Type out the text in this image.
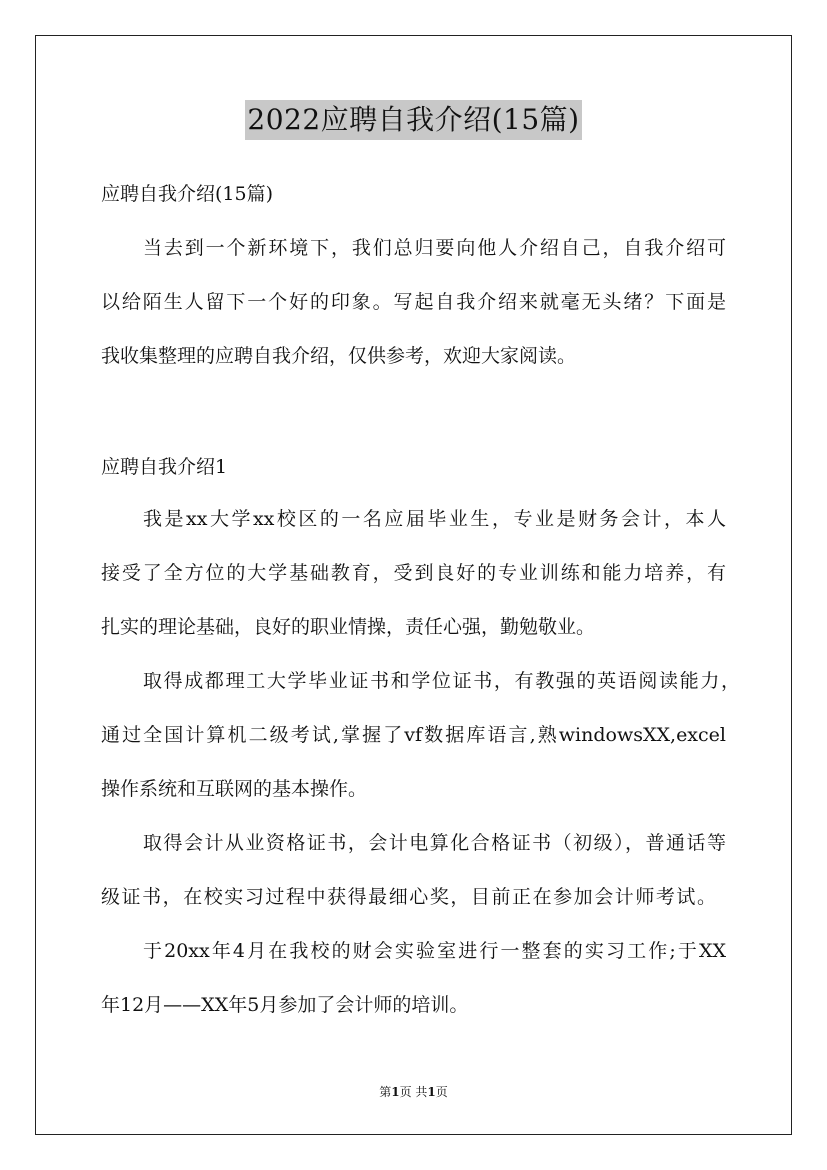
2022应聘自我介绍(15篇)
应聘自我介绍(15篇)
当去到一个新环境下，我们总归要向他人介绍自己，自我介绍可
以给陌生人留下一个好的印象。写起自我介绍来就毫无头绪？下面是
我收集整理的应聘自我介绍，仅供参考，欢迎大家阅读。
应聘自我介绍1
我是xx大学xx校区的一名应届毕业生，专业是财务会计，本人
接受了全方位的大学基础教育，受到良好的专业训练和能力培养，有
扎实的理论基础，良好的职业情操，责任心强，勤勉敬业。
取得成都理工大学毕业证书和学位证书，有教强的英语阅读能力，
通过全国计算机二级考试,掌握了vf数据库语言,熟windowsXX,excel
操作系统和互联网的基本操作。
取得会计从业资格证书，会计电算化合格证书（初级），普通话等
级证书，在校实习过程中获得最细心奖，目前正在参加会计师考试。
于20xx年4月在我校的财会实验室进行一整套的实习工作;于XX
年12月——XX年5月参加了会计师的培训。
第1页 共1页
